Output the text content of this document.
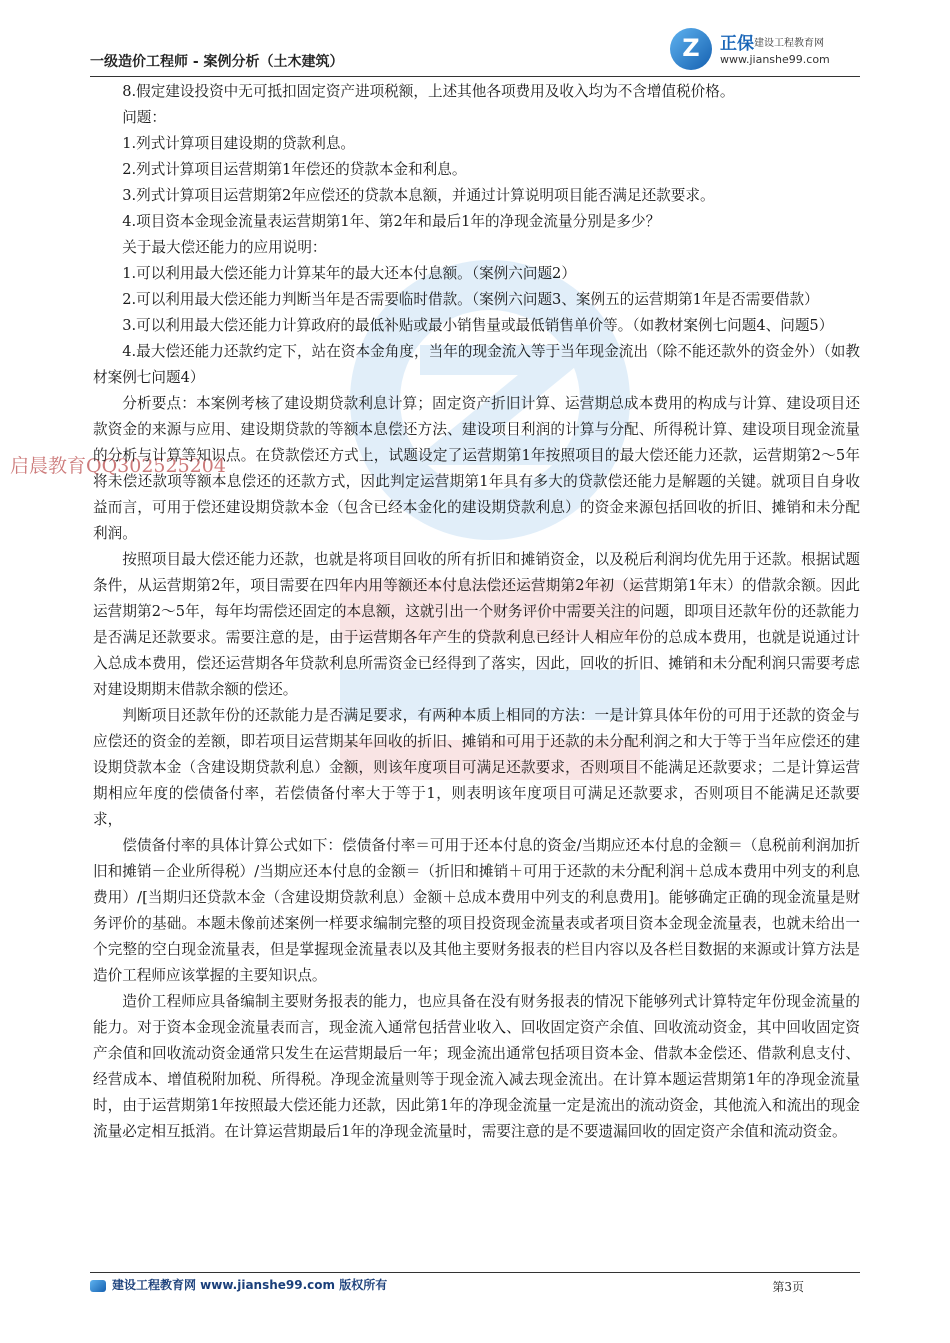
一级造价工程师 - 案例分析（土木建筑）	Z	正保 建设工程教育网
www.jianshe99.com
启晨教育QQ302525204

8.假定建设投资中无可抵扣固定资产进项税额，上述其他各项费用及收入均为不含增值税价格。

问题：

1.列式计算项目建设期的贷款利息。

2.列式计算项目运营期第1年偿还的贷款本金和利息。

3.列式计算项目运营期第2年应偿还的贷款本息额，并通过计算说明项目能否满足还款要求。

4.项目资本金现金流量表运营期第1年、第2年和最后1年的净现金流量分别是多少？

关于最大偿还能力的应用说明：

1.可以利用最大偿还能力计算某年的最大还本付息额。（案例六问题2）

2.可以利用最大偿还能力判断当年是否需要临时借款。（案例六问题3、案例五的运营期第1年是否需要借款）

3.可以利用最大偿还能力计算政府的最低补贴或最小销售量或最低销售单价等。（如教材案例七问题4、问题5）

4.最大偿还能力还款约定下，站在资本金角度，当年的现金流入等于当年现金流出（除不能还款外的资金外）（如教材案例七问题4）

分析要点：本案例考核了建设期贷款利息计算；固定资产折旧计算、运营期总成本费用的构成与计算、建设项目还款资金的来源与应用、建设期贷款的等额本息偿还方法、建设项目利润的计算与分配、所得税计算、建设项目现金流量的分析与计算等知识点。在贷款偿还方式上，试题设定了运营期第1年按照项目的最大偿还能力还款，运营期第2～5年将未偿还款项等额本息偿还的还款方式，因此判定运营期第1年具有多大的贷款偿还能力是解题的关键。就项目自身收益而言，可用于偿还建设期贷款本金（包含已经本金化的建设期贷款利息）的资金来源包括回收的折旧、摊销和未分配利润。

按照项目最大偿还能力还款，也就是将项目回收的所有折旧和摊销资金，以及税后利润均优先用于还款。根据试题条件，从运营期第2年，项目需要在四年内用等额还本付息法偿还运营期第2年初（运营期第1年末）的借款余额。因此运营期第2～5年，每年均需偿还固定的本息额，这就引出一个财务评价中需要关注的问题，即项目还款年份的还款能力是否满足还款要求。需要注意的是，由于运营期各年产生的贷款利息已经计人相应年份的总成本费用，也就是说通过计入总成本费用，偿还运营期各年贷款利息所需资金已经得到了落实，因此，回收的折旧、摊销和未分配利润只需要考虑对建设期期末借款余额的偿还。

判断项目还款年份的还款能力是否满足要求，有两种本质上相同的方法：一是计算具体年份的可用于还款的资金与应偿还的资金的差额，即若项目运营期某年回收的折旧、摊销和可用于还款的未分配利润之和大于等于当年应偿还的建设期贷款本金（含建设期贷款利息）金额，则该年度项目可满足还款要求，否则项目不能满足还款要求；二是计算运营期相应年度的偿债备付率，若偿债备付率大于等于1，则表明该年度项目可满足还款要求，否则项目不能满足还款要求，

偿债备付率的具体计算公式如下：偿债备付率＝可用于还本付息的资金/当期应还本付息的金额＝（息税前利润加折旧和摊销－企业所得税）/当期应还本付息的金额＝（折旧和摊销＋可用于还款的未分配利润＋总成本费用中列支的利息费用）/[当期归还贷款本金（含建设期贷款利息）金额＋总成本费用中列支的利息费用]。能够确定正确的现金流量是财务评价的基础。本题未像前述案例一样要求编制完整的项目投资现金流量表或者项目资本金现金流量表，也就未给出一个完整的空白现金流量表，但是掌握现金流量表以及其他主要财务报表的栏目内容以及各栏目数据的来源或计算方法是造价工程师应该掌握的主要知识点。

造价工程师应具备编制主要财务报表的能力，也应具备在没有财务报表的情况下能够列式计算特定年份现金流量的能力。对于资本金现金流量表而言，现金流入通常包括营业收入、回收固定资产余值、回收流动资金，其中回收固定资产余值和回收流动资金通常只发生在运营期最后一年；现金流出通常包括项目资本金、借款本金偿还、借款利息支付、经营成本、增值税附加税、所得税。净现金流量则等于现金流入减去现金流出。在计算本题运营期第1年的净现金流量时，由于运营期第1年按照最大偿还能力还款，因此第1年的净现金流量一定是流出的流动资金，其他流入和流出的现金流量必定相互抵消。在计算运营期最后1年的净现金流量时，需要注意的是不要遗漏回收的固定资产余值和流动资金。

建设工程教育网 www.jianshe99.com 版权所有	第3页
